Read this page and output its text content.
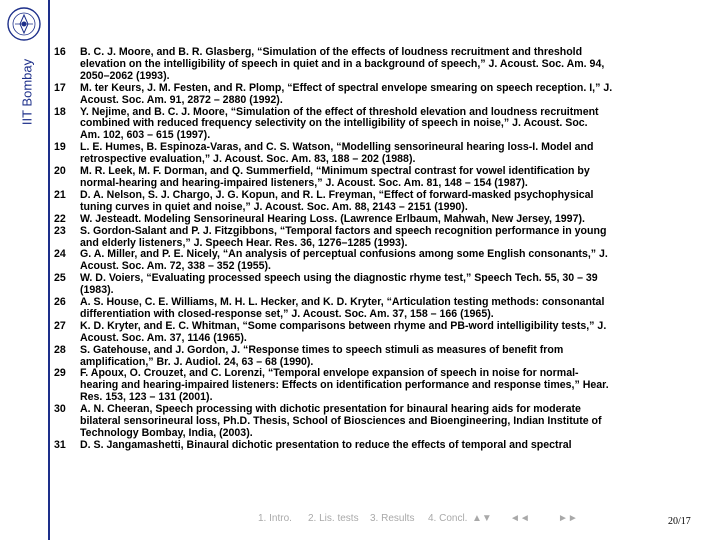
IIT Bombay
16	B. C. J. Moore, and B. R. Glasberg, “Simulation of the effects of loudness recruitment and threshold
elevation on the intelligibility of speech in quiet and in a background of speech,” J. Acoust. Soc. Am. 94,
2050–2062 (1993).
17	M. ter Keurs, J. M. Festen, and R. Plomp, “Effect of spectral envelope smearing on speech reception. I,” J.
Acoust. Soc. Am. 91, 2872 – 2880 (1992).
18	Y. Nejime, and B. C. J. Moore, “Simulation of the effect of threshold elevation and loudness recruitment
combined with reduced frequency selectivity on the intelligibility of speech in noise,” J. Acoust. Soc.
Am. 102, 603 – 615 (1997).
19	L. E. Humes, B. Espinoza-Varas, and C. S. Watson, “Modelling sensorineural hearing loss-I. Model and
retrospective evaluation,” J. Acoust. Soc. Am. 83, 188 – 202 (1988).
20	M. R. Leek, M. F. Dorman, and Q. Summerfield, “Minimum spectral contrast for vowel identification by
normal-hearing and hearing-impaired listeners,” J. Acoust. Soc. Am. 81, 148 – 154 (1987).
21	D. A. Nelson, S. J. Chargo, J. G. Kopun, and R. L. Freyman, “Effect of forward-masked psychophysical
tuning curves in quiet and noise,” J. Acoust. Soc. Am. 88, 2143 – 2151 (1990).
22	W. Jesteadt. Modeling Sensorineural Hearing Loss. (Lawrence Erlbaum, Mahwah, New Jersey, 1997).
23	S. Gordon-Salant and P. J. Fitzgibbons, “Temporal factors and speech recognition performance in young
and elderly listeners,” J. Speech Hear. Res. 36, 1276–1285 (1993).
24	G. A. Miller, and P. E. Nicely, “An analysis of perceptual confusions among some English consonants,” J.
Acoust. Soc. Am. 72, 338 – 352 (1955).
25	W. D. Voiers, “Evaluating processed speech using the diagnostic rhyme test,” Speech Tech. 55, 30 – 39
(1983).
26	A. S. House, C. E. Williams, M. H. L. Hecker, and K. D. Kryter, “Articulation testing methods: consonantal
differentiation with closed-response set,” J. Acoust. Soc. Am. 37, 158 – 166 (1965).
27	K. D. Kryter, and E. C. Whitman, “Some comparisons between rhyme and PB-word intelligibility tests,” J.
Acoust. Soc. Am. 37, 1146 (1965).
28	S. Gatehouse, and J. Gordon, J. “Response times to speech stimuli as measures of benefit from
amplification,” Br. J. Audiol. 24, 63 – 68 (1990).
29	F. Apoux, O. Crouzet, and C. Lorenzi, “Temporal envelope expansion of speech in noise for normal-
hearing and hearing-impaired listeners: Effects on identification performance and response times,” Hear.
Res. 153, 123 – 131 (2001).
30	A. N. Cheeran, Speech processing with dichotic presentation for binaural hearing aids for moderate
bilateral sensorineural loss, Ph.D. Thesis, School of Biosciences and Bioengineering, Indian Institute of
Technology Bombay, India, (2003).
31	D. S. Jangamashetti, Binaural dichotic presentation to reduce the effects of temporal and spectral
1. Intro. 2. Lis. tests 3. Results 4. Concl. ▲▼ ◄◄	►►	20/17
